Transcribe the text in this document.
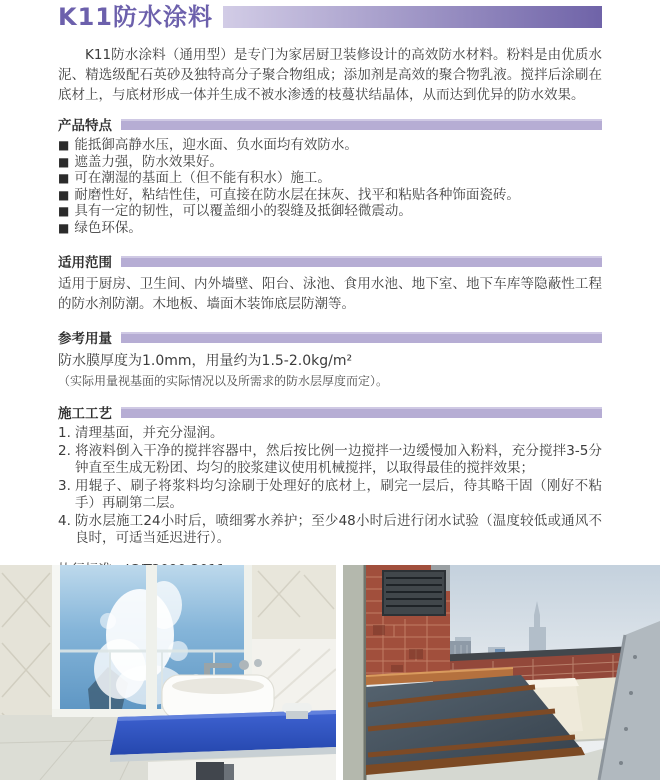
K11防水涂料

K11防水涂料（通用型）是专门为家居厨卫装修设计的高效防水材料。粉料是由优质水泥、精选级配石英砂及独特高分子聚合物组成；添加剂是高效的聚合物乳液。搅拌后涂刷在底材上，与底材形成一体并生成不被水渗透的枝蔓状结晶体，从而达到优异的防水效果。

产品特点
■ 能抵御高静水压，迎水面、负水面均有效防水。
■ 遮盖力强，防水效果好。
■ 可在潮湿的基面上（但不能有积水）施工。
■ 耐磨性好，粘结性佳，可直接在防水层在抹灰、找平和粘贴各种饰面瓷砖。
■ 具有一定的韧性，可以覆盖细小的裂缝及抵御轻微震动。
■ 绿色环保。
适用范围

适用于厨房、卫生间、内外墙壁、阳台、泳池、食用水池、地下室、地下车库等隐蔽性工程的防水剂防潮。木地板、墙面木装饰底层防潮等。

参考用量

防水膜厚度为1.0mm，用量约为1.5-2.0kg/m²

（实际用量视基面的实际情况以及所需求的防水层厚度而定）。

施工工艺
1. 清理基面，并充分湿润。
2. 将液料倒入干净的搅拌容器中，然后按比例一边搅拌一边缓慢加入粉料，充分搅拌3-5分钟直至生成无粉团、均匀的胶浆建议使用机械搅拌，以取得最佳的搅拌效果；
3. 用辊子、刷子将浆料均匀涂刷于处理好的底材上，刷完一层后，待其略干固（刚好不粘手）再刷第二层。
4. 防水层施工24小时后，喷细雾水养护；至少48小时后进行闭水试验（温度较低或通风不良时，可适当延迟进行）。
